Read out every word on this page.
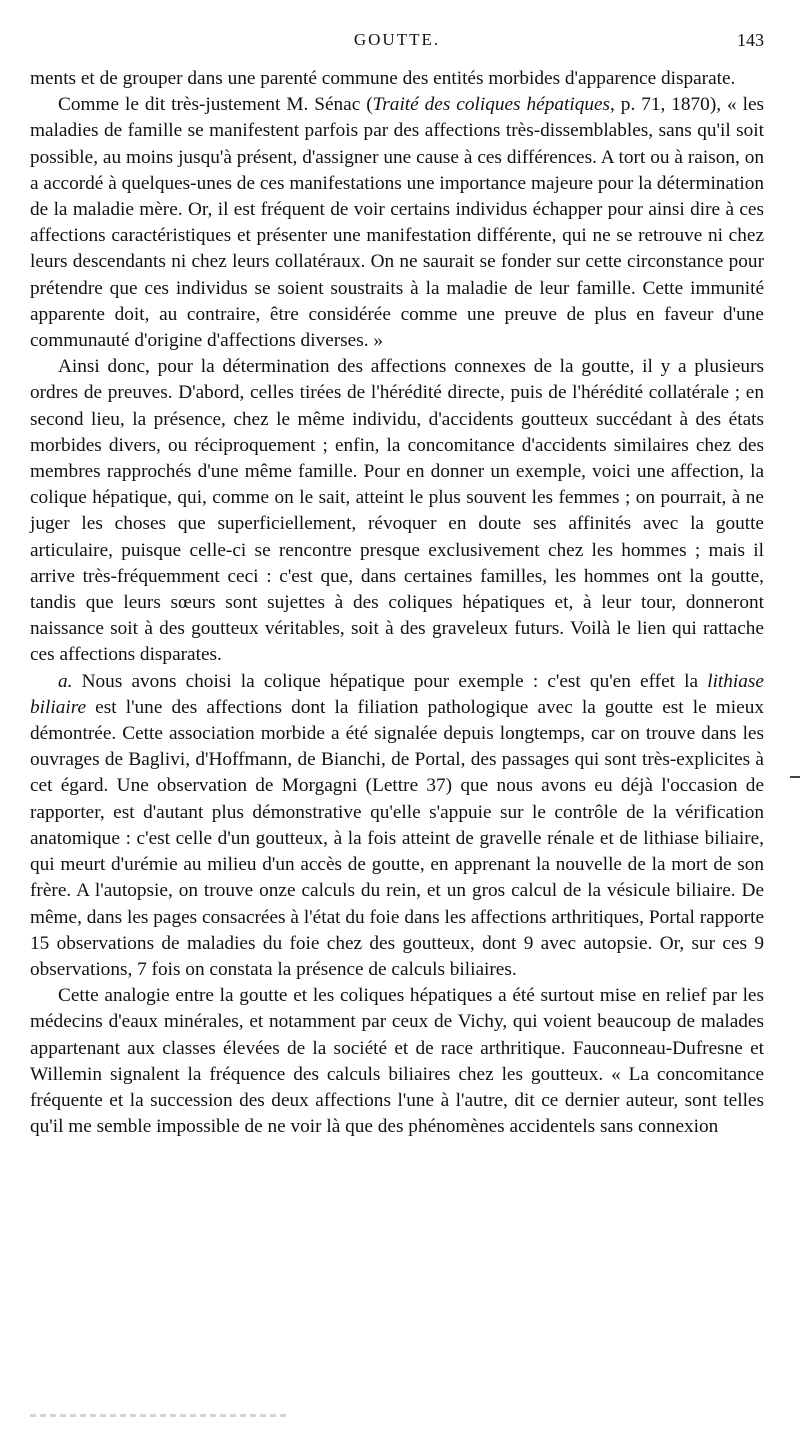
GOUTTE.	143

ments et de grouper dans une parenté commune des entités morbides d'apparence disparate.

Comme le dit très-justement M. Sénac (Traité des coliques hépatiques, p. 71, 1870), « les maladies de famille se manifestent parfois par des affections très-dissemblables, sans qu'il soit possible, au moins jusqu'à présent, d'assigner une cause à ces différences. A tort ou à raison, on a accordé à quelques-unes de ces manifestations une importance majeure pour la détermination de la maladie mère. Or, il est fréquent de voir certains individus échapper pour ainsi dire à ces affections caractéristiques et présenter une manifestation différente, qui ne se retrouve ni chez leurs descendants ni chez leurs collatéraux. On ne saurait se fonder sur cette circonstance pour prétendre que ces individus se soient soustraits à la maladie de leur famille. Cette immunité apparente doit, au contraire, être considérée comme une preuve de plus en faveur d'une communauté d'origine d'affections diverses. »

Ainsi donc, pour la détermination des affections connexes de la goutte, il y a plusieurs ordres de preuves. D'abord, celles tirées de l'hérédité directe, puis de l'hérédité collatérale ; en second lieu, la présence, chez le même individu, d'accidents goutteux succédant à des états morbides divers, ou réciproquement ; enfin, la concomitance d'accidents similaires chez des membres rapprochés d'une même famille. Pour en donner un exemple, voici une affection, la colique hépatique, qui, comme on le sait, atteint le plus souvent les femmes ; on pourrait, à ne juger les choses que superficiellement, révoquer en doute ses affinités avec la goutte articulaire, puisque celle-ci se rencontre presque exclusivement chez les hommes ; mais il arrive très-fréquemment ceci : c'est que, dans certaines familles, les hommes ont la goutte, tandis que leurs sœurs sont sujettes à des coliques hépatiques et, à leur tour, donneront naissance soit à des goutteux véritables, soit à des graveleux futurs. Voilà le lien qui rattache ces affections disparates.

a. Nous avons choisi la colique hépatique pour exemple : c'est qu'en effet la lithiase biliaire est l'une des affections dont la filiation pathologique avec la goutte est le mieux démontrée. Cette association morbide a été signalée depuis longtemps, car on trouve dans les ouvrages de Baglivi, d'Hoffmann, de Bianchi, de Portal, des passages qui sont très-explicites à cet égard. Une observation de Morgagni (Lettre 37) que nous avons eu déjà l'occasion de rapporter, est d'autant plus démonstrative qu'elle s'appuie sur le contrôle de la vérification anatomique : c'est celle d'un goutteux, à la fois atteint de gravelle rénale et de lithiase biliaire, qui meurt d'urémie au milieu d'un accès de goutte, en apprenant la nouvelle de la mort de son frère. A l'autopsie, on trouve onze calculs du rein, et un gros calcul de la vésicule biliaire. De même, dans les pages consacrées à l'état du foie dans les affections arthritiques, Portal rapporte 15 observations de maladies du foie chez des goutteux, dont 9 avec autopsie. Or, sur ces 9 observations, 7 fois on constata la présence de calculs biliaires.

Cette analogie entre la goutte et les coliques hépatiques a été surtout mise en relief par les médecins d'eaux minérales, et notamment par ceux de Vichy, qui voient beaucoup de malades appartenant aux classes élevées de la société et de race arthritique. Fauconneau-Dufresne et Willemin signalent la fréquence des calculs biliaires chez les goutteux. « La concomitance fréquente et la succession des deux affections l'une à l'autre, dit ce dernier auteur, sont telles qu'il me semble impossible de ne voir là que des phénomènes accidentels sans connexion
